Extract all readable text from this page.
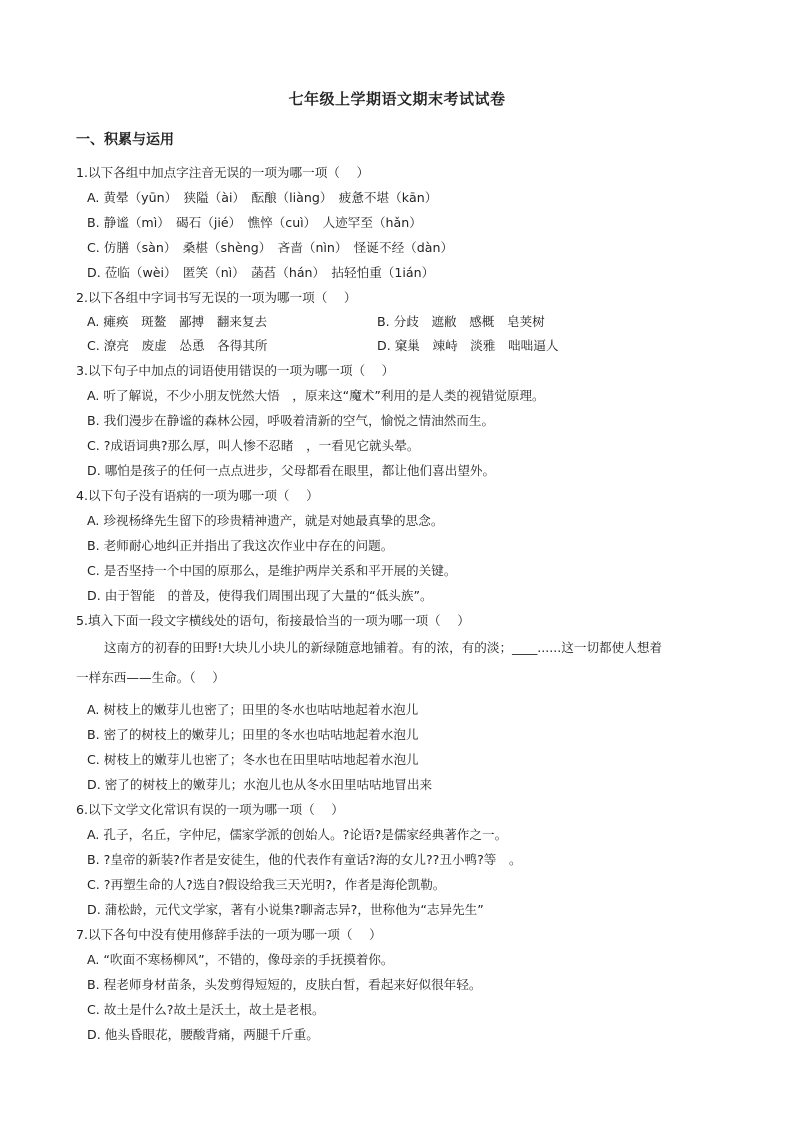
七年级上学期语文期末考试试卷
一、积累与运用
1.以下各组中加点字注音无误的一项为哪一项（　 ）
A. 黄晕（yūn）　狭隘（ài）　酝酿（liàng）　疲惫不堪（kān）
B. 静谧（mì）　碣石（jié）　憔悴（cuì）　人迹罕至（hǎn）
C. 仿膳（sàn）　桑椹（shèng）　吝啬（nìn）　怪诞不经（dàn）
D. 莅临（wèi）　匿笑（nì）　菡萏（hán）　拈轻怕重（1ián）
2.以下各组中字词书写无误的一项为哪一项（　 ）
A. 瘫痪　斑鳌　鄙搏　翻来复去	B. 分歧　遮敝　感概　皂荚树
C. 潦亮　废虚　怂恿　各得其所	D. 窠巢　竦峙　淡雅　咄咄逼人
3.以下句子中加点的词语使用错误的一项为哪一项（　 ）
A. 听了解说，不少小朋友恍然大悟　，原来这“魔术”利用的是人类的视错觉原理。
B. 我们漫步在静谧的森林公园，呼吸着清新的空气，愉悦之情油然而生。
C. ?成语词典?那么厚，叫人惨不忍睹　，一看见它就头晕。
D. 哪怕是孩子的任何一点点进步，父母都看在眼里，都让他们喜出望外。
4.以下句子没有语病的一项为哪一项（　 ）
A. 珍视杨绛先生留下的珍贵精神遗产，就是对她最真挚的思念。
B. 老师耐心地纠正并指出了我这次作业中存在的问题。
C. 是否坚持一个中国的原那么，是维护两岸关系和平开展的关键。
D. 由于智能　的普及，使得我们周围出现了大量的“低头族”。
5.填入下面一段文字横线处的语句，衔接最恰当的一项为哪一项（　 ）
这南方的初春的田野!大块儿小块儿的新绿随意地铺着。有的浓，有的淡；____......这一切都使人想着
一样东西——生命。（　 ）
A. 树枝上的嫩芽儿也密了；田里的冬水也咕咕地起着水泡儿
B. 密了的树枝上的嫩芽儿；田里的冬水也咕咕地起着水泡儿
C. 树枝上的嫩芽儿也密了；冬水也在田里咕咕地起着水泡儿
D. 密了的树枝上的嫩芽儿；水泡儿也从冬水田里咕咕地冒出来
6.以下文学文化常识有误的一项为哪一项（　 ）
A. 孔子，名丘，字仲尼，儒家学派的创始人。?论语?是儒家经典著作之一。
B. ?皇帝的新装?作者是安徒生，他的代表作有童话?海的女儿??丑小鸭?等　。
C. ?再塑生命的人?选自?假设给我三天光明?，作者是海伦凯勒。
D. 蒲松龄，元代文学家，著有小说集?聊斋志异?，世称他为“志异先生”
7.以下各句中没有使用修辞手法的一项为哪一项（　 ）
A. “吹面不寒杨柳风”，不错的，像母亲的手抚摸着你。
B. 程老师身材苗条，头发剪得短短的，皮肤白皙，看起来好似很年轻。
C. 故土是什么?故土是沃土，故土是老根。
D. 他头昏眼花，腰酸背痛，两腿千斤重。
